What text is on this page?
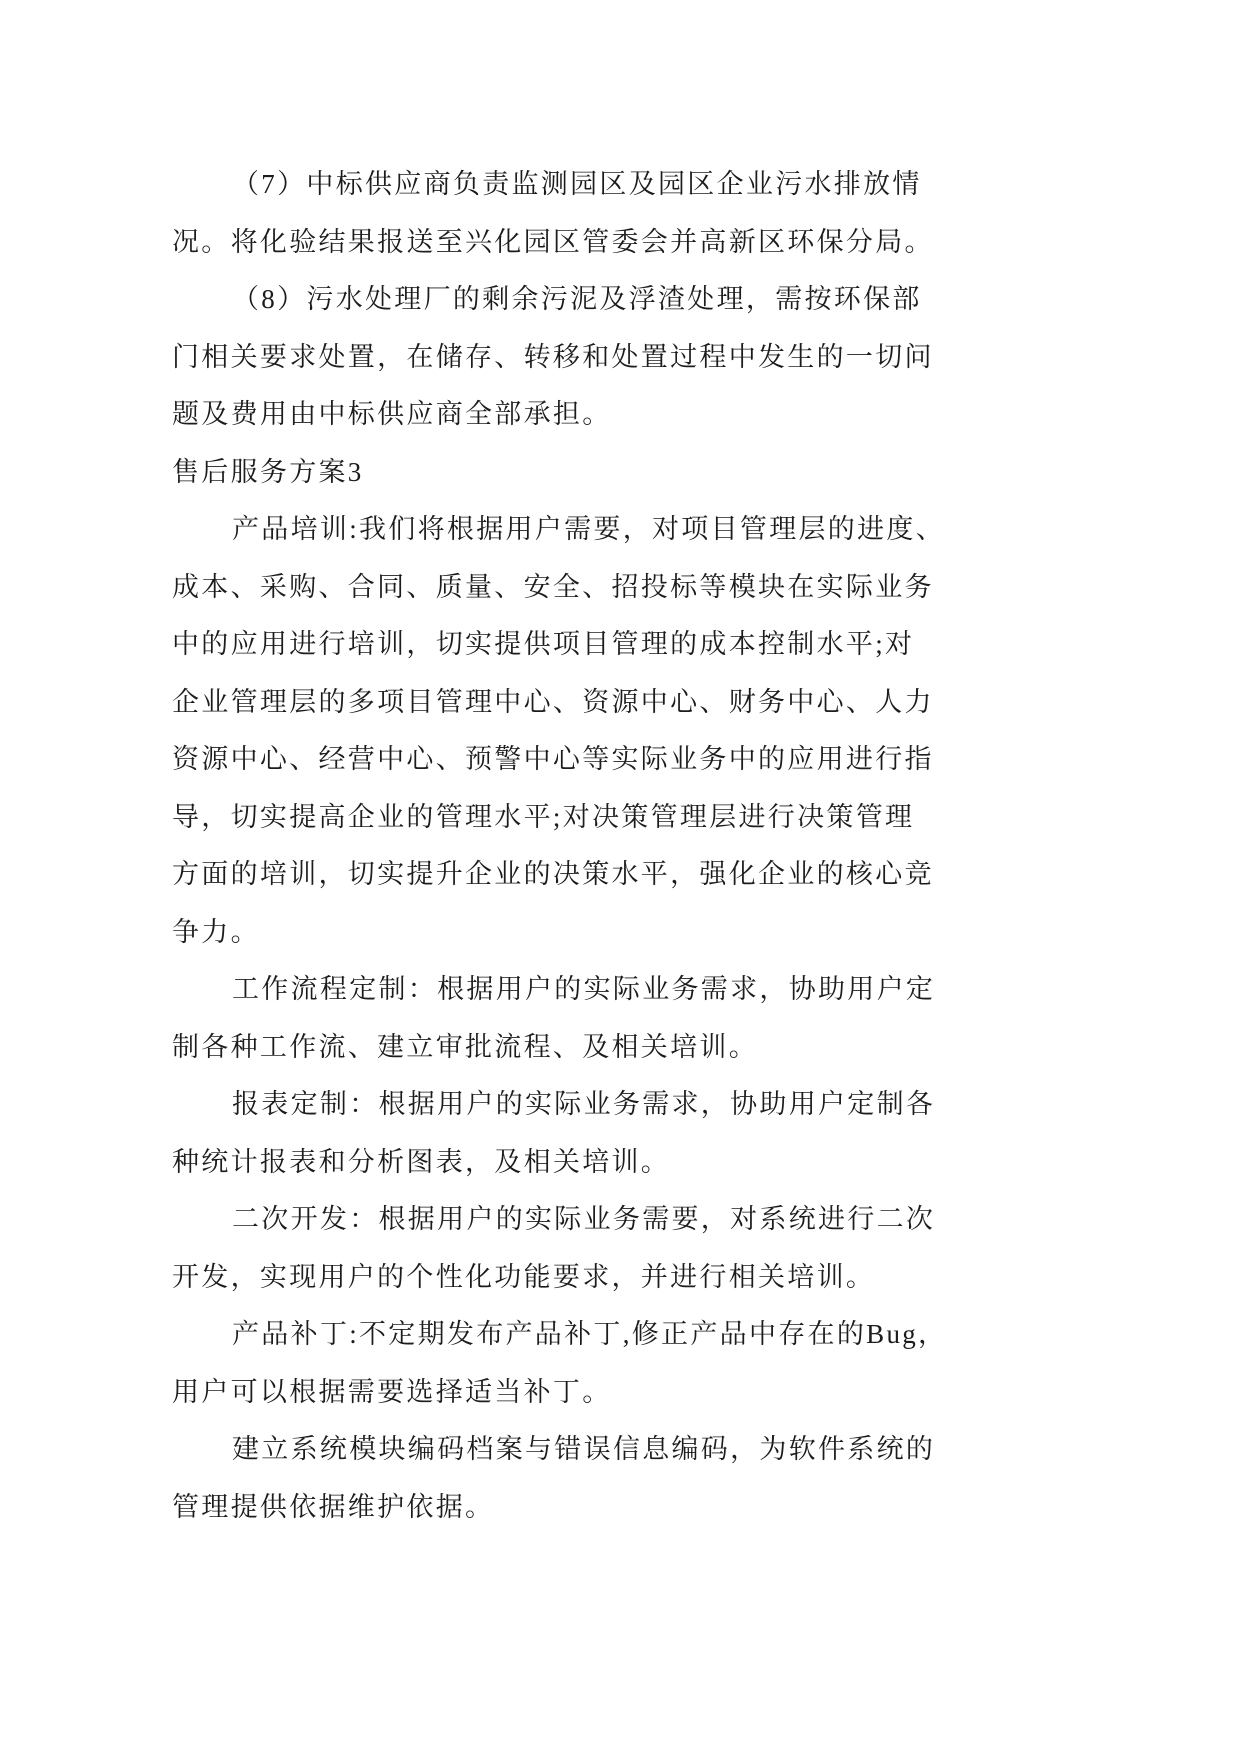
（7）中标供应商负责监测园区及园区企业污水排放情
况。将化验结果报送至兴化园区管委会并高新区环保分局。
（8）污水处理厂的剩余污泥及浮渣处理，需按环保部
门相关要求处置，在储存、转移和处置过程中发生的一切问
题及费用由中标供应商全部承担。
售后服务方案3
产品培训:我们将根据用户需要，对项目管理层的进度、
成本、采购、合同、质量、安全、招投标等模块在实际业务
中的应用进行培训，切实提供项目管理的成本控制水平;对
企业管理层的多项目管理中心、资源中心、财务中心、人力
资源中心、经营中心、预警中心等实际业务中的应用进行指
导，切实提高企业的管理水平;对决策管理层进行决策管理
方面的培训，切实提升企业的决策水平，强化企业的核心竞
争力。
工作流程定制：根据用户的实际业务需求，协助用户定
制各种工作流、建立审批流程、及相关培训。
报表定制：根据用户的实际业务需求，协助用户定制各
种统计报表和分析图表，及相关培训。
二次开发：根据用户的实际业务需要，对系统进行二次
开发，实现用户的个性化功能要求，并进行相关培训。
产品补丁:不定期发布产品补丁,修正产品中存在的Bug，
用户可以根据需要选择适当补丁。
建立系统模块编码档案与错误信息编码，为软件系统的
管理提供依据维护依据。
